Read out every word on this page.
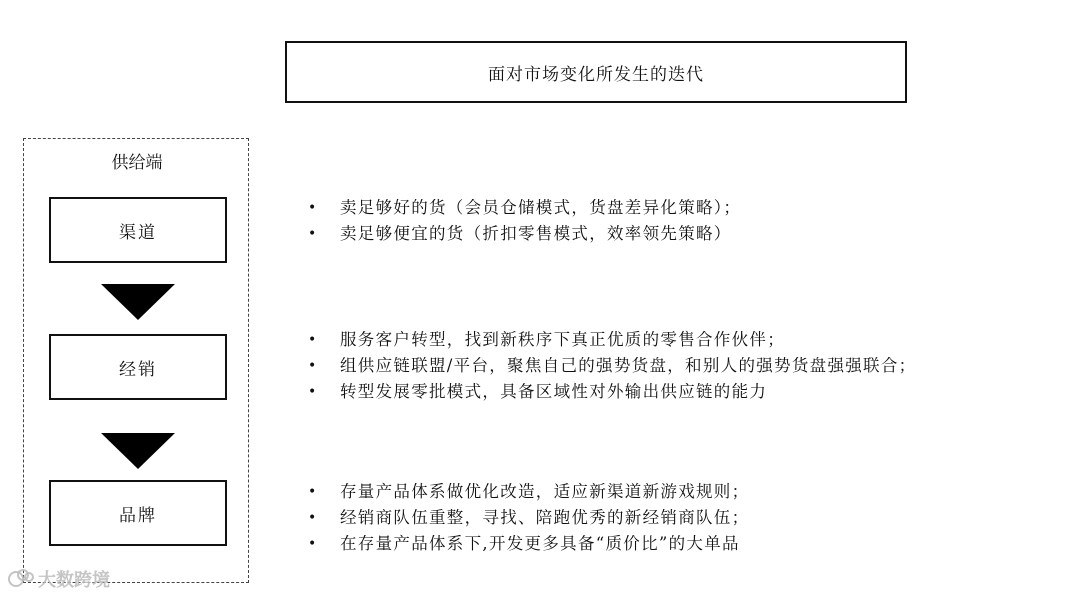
面对市场变化所发生的迭代
供给端
渠道
经销
品牌
• 卖足够好的货（会员仓储模式，货盘差异化策略）；
• 卖足够便宜的货（折扣零售模式，效率领先策略）
• 服务客户转型，找到新秩序下真正优质的零售合作伙伴；
• 组供应链联盟/平台，聚焦自己的强势货盘，和别人的强势货盘强强联合；
• 转型发展零批模式，具备区域性对外输出供应链的能力
• 存量产品体系做优化改造，适应新渠道新游戏规则；
• 经销商队伍重整，寻找、陪跑优秀的新经销商队伍；
• 在存量产品体系下,开发更多具备“质价比”的大单品
大数跨境
